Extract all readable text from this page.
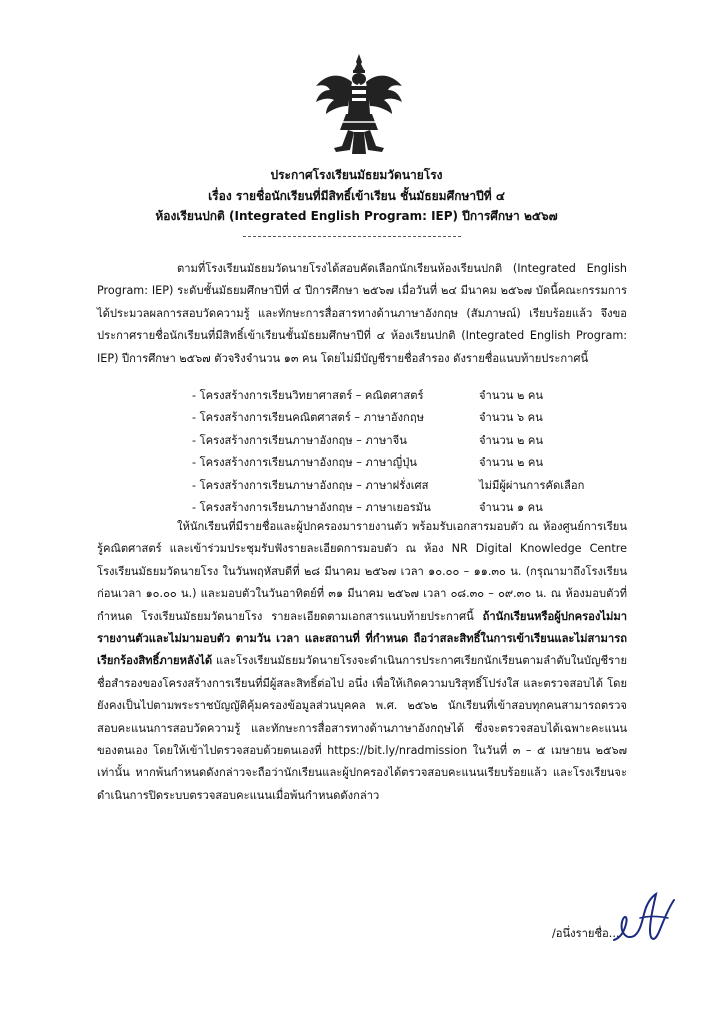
ประกาศโรงเรียนมัธยมวัดนายโรง
เรื่อง รายชื่อนักเรียนที่มีสิทธิ์เข้าเรียน ชั้นมัธยมศึกษาปีที่ ๔
ห้องเรียนปกติ (Integrated English Program: IEP) ปีการศึกษา ๒๕๖๗

ตามที่โรงเรียนมัธยมวัดนายโรงได้สอบคัดเลือกนักเรียนห้องเรียนปกติ (Integrated English Program: IEP) ระดับชั้นมัธยมศึกษาปีที่ ๔ ปีการศึกษา ๒๕๖๗ เมื่อวันที่ ๒๔ มีนาคม ๒๕๖๗ บัดนี้คณะกรรมการได้ประมวลผลการสอบวัดความรู้ และทักษะการสื่อสารทางด้านภาษาอังกฤษ (สัมภาษณ์) เรียบร้อยแล้ว จึงขอประกาศรายชื่อนักเรียนที่มีสิทธิ์เข้าเรียนชั้นมัธยมศึกษาปีที่ ๔ ห้องเรียนปกติ (Integrated English Program: IEP) ปีการศึกษา ๒๕๖๗ ตัวจริงจำนวน ๑๓ คน โดยไม่มีบัญชีรายชื่อสำรอง ดังรายชื่อแนบท้ายประกาศนี้

- โครงสร้างการเรียนวิทยาศาสตร์ – คณิตศาสตร์	จำนวน ๒ คน
- โครงสร้างการเรียนคณิตศาสตร์ – ภาษาอังกฤษ	จำนวน ๖ คน
- โครงสร้างการเรียนภาษาอังกฤษ – ภาษาจีน	จำนวน ๒ คน
- โครงสร้างการเรียนภาษาอังกฤษ – ภาษาญี่ปุ่น	จำนวน ๒ คน
- โครงสร้างการเรียนภาษาอังกฤษ – ภาษาฝรั่งเศส	ไม่มีผู้ผ่านการคัดเลือก
- โครงสร้างการเรียนภาษาอังกฤษ – ภาษาเยอรมัน	จำนวน ๑ คน

ให้นักเรียนที่มีรายชื่อและผู้ปกครองมารายงานตัว พร้อมรับเอกสารมอบตัว ณ ห้องศูนย์การเรียนรู้คณิตศาสตร์ และเข้าร่วมประชุมรับฟังรายละเอียดการมอบตัว ณ ห้อง NR Digital Knowledge Centre โรงเรียนมัธยมวัดนายโรง ในวันพฤหัสบดีที่ ๒๘ มีนาคม ๒๕๖๗ เวลา ๑๐.๐๐ – ๑๑.๓๐ น. (กรุณามาถึงโรงเรียนก่อนเวลา ๑๐.๐๐ น.) และมอบตัวในวันอาทิตย์ที่ ๓๑ มีนาคม ๒๕๖๗ เวลา ๐๘.๓๐ – ๐๙.๓๐ น. ณ ห้องมอบตัวที่กำหนด โรงเรียนมัธยมวัดนายโรง รายละเอียดตามเอกสารแนบท้ายประกาศนี้ ถ้านักเรียนหรือผู้ปกครองไม่มารายงานตัวและไม่มามอบตัว ตามวัน เวลา และสถานที่ ที่กำหนด ถือว่าสละสิทธิ์ในการเข้าเรียนและไม่สามารถเรียกร้องสิทธิ์ภายหลังได้ และโรงเรียนมัธยมวัดนายโรงจะดำเนินการประกาศเรียกนักเรียนตามลำดับในบัญชีรายชื่อสำรองของโครงสร้างการเรียนที่มีผู้สละสิทธิ์ต่อไป อนึ่ง เพื่อให้เกิดความบริสุทธิ์โปร่งใส และตรวจสอบได้ โดยยังคงเป็นไปตามพระราชบัญญัติคุ้มครองข้อมูลส่วนบุคคล พ.ศ. ๒๕๖๒ นักเรียนที่เข้าสอบทุกคนสามารถตรวจสอบคะแนนการสอบวัดความรู้ และทักษะการสื่อสารทางด้านภาษาอังกฤษได้ ซึ่งจะตรวจสอบได้เฉพาะคะแนนของตนเอง โดยให้เข้าไปตรวจสอบด้วยตนเองที่ https://bit.ly/nradmission ในวันที่ ๓ – ๕ เมษายน ๒๕๖๗ เท่านั้น หากพ้นกำหนดดังกล่าวจะถือว่านักเรียนและผู้ปกครองได้ตรวจสอบคะแนนเรียบร้อยแล้ว และโรงเรียนจะดำเนินการปิดระบบตรวจสอบคะแนนเมื่อพ้นกำหนดดังกล่าว

/อนึ่งรายชื่อ...
